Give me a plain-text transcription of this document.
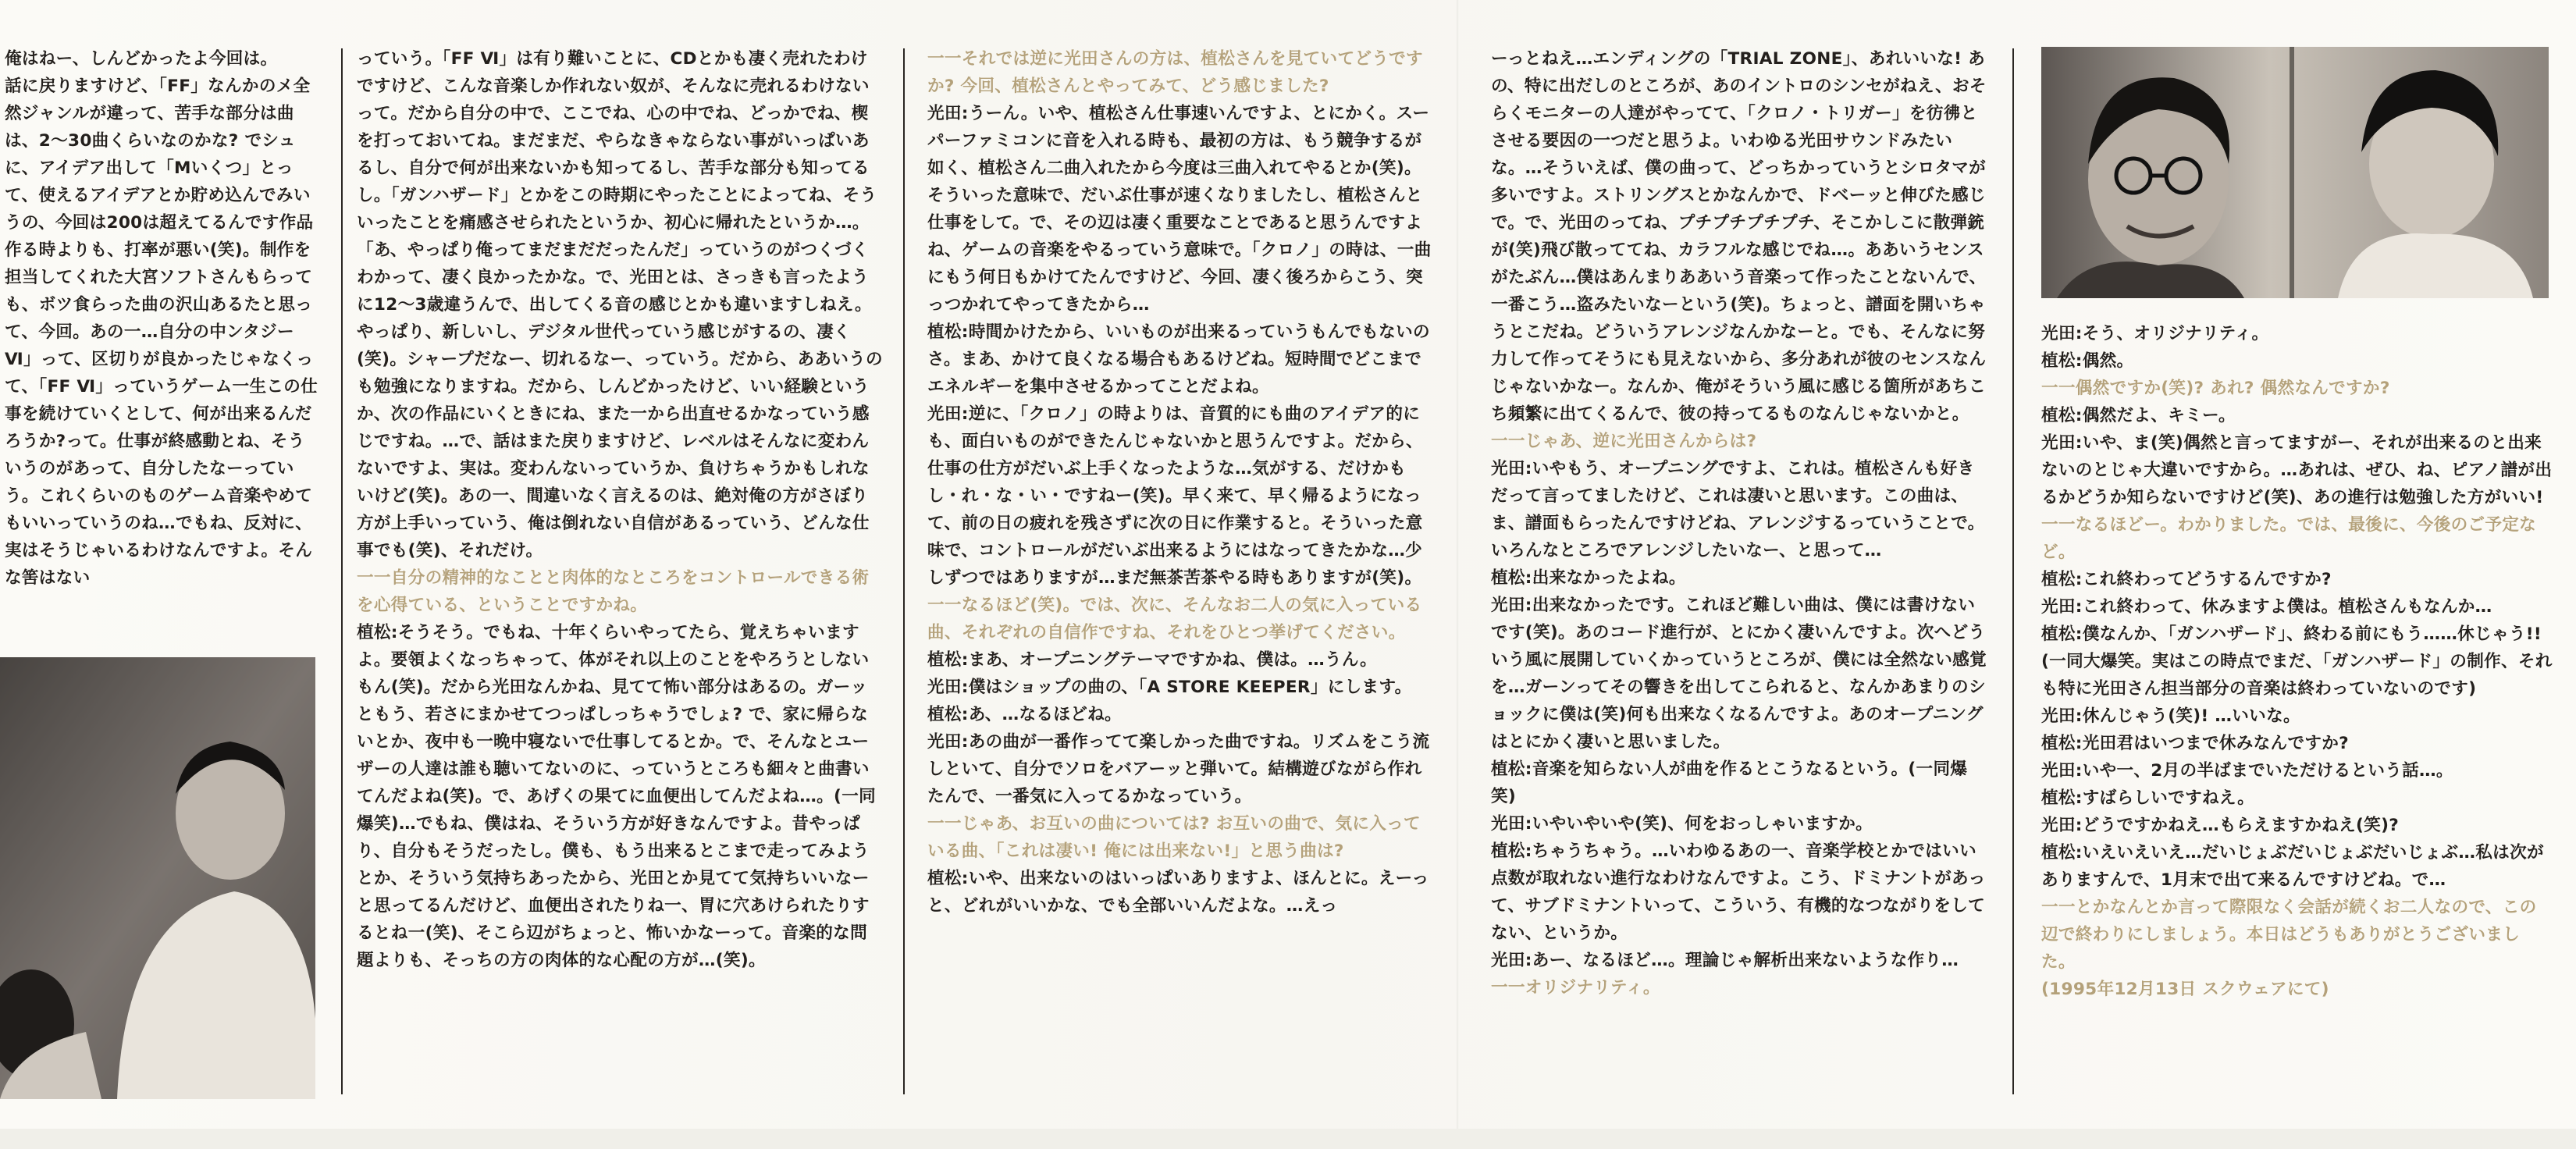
俺はねー、しんどかったよ今回は。

話に戻りますけど、「FF」なんかのメ全然ジャンルが違って、苦手な部分は曲は、2〜30曲くらいなのかな? でシュに、アイデア出して「Mいくつ」とって、使えるアイデアとか貯め込んでみいうの、今回は200は超えてるんです作品作る時よりも、打率が悪い(笑)。制作を担当してくれた大宮ソフトさんもらっても、ボツ食らった曲の沢山あるたと思って、今回。あの一…自分の中ンタジーⅥ」って、区切りが良かったじゃなくって、「FF Ⅵ」っていうゲーム一生この仕事を続けていくとして、何が出来るんだろうか?って。仕事が終感動とね、そういうのがあって、自分したなーっていう。これくらいのものゲーム音楽やめてもいいっていうのね…でもね、反対に、実はそうじゃいるわけなんですよ。そんな筈はない

っていう。「FF Ⅵ」は有り難いことに、CDとかも凄く売れたわけですけど、こんな音楽しか作れない奴が、そんなに売れるわけないって。だから自分の中で、ここでね、心の中でね、どっかでね、楔を打っておいてね。まだまだ、やらなきゃならない事がいっぱいあるし、自分で何が出来ないかも知ってるし、苦手な部分も知ってるし。「ガンハザード」とかをこの時期にやったことによってね、そういったことを痛感させられたというか、初心に帰れたというか…。「あ、やっぱり俺ってまだまだだったんだ」っていうのがつくづくわかって、凄く良かったかな。で、光田とは、さっきも言ったように12〜3歳違うんで、出してくる音の感じとかも違いますしねえ。やっぱり、新しいし、デジタル世代っていう感じがするの、凄く(笑)。シャープだなー、切れるなー、っていう。だから、ああいうのも勉強になりますね。だから、しんどかったけど、いい経験というか、次の作品にいくときにね、また一から出直せるかなっていう感じですね。…で、話はまた戻りますけど、レベルはそんなに変わんないですよ、実は。変わんないっていうか、負けちゃうかもしれないけど(笑)。あの一、間違いなく言えるのは、絶対俺の方がさぼり方が上手いっていう、俺は倒れない自信があるっていう、どんな仕事でも(笑)、それだけ。

一一自分の精神的なことと肉体的なところをコントロールできる術を心得ている、ということですかね。

植松:そうそう。でもね、十年くらいやってたら、覚えちゃいますよ。要領よくなっちゃって、体がそれ以上のことをやろうとしないもん(笑)。だから光田なんかね、見てて怖い部分はあるの。ガーッともう、若さにまかせてつっぱしっちゃうでしょ? で、家に帰らないとか、夜中も一晩中寝ないで仕事してるとか。で、そんなとユーザーの人達は誰も聴いてないのに、っていうところも細々と曲書いてんだよね(笑)。で、あげくの果てに血便出してんだよね…。(一同爆笑)…でもね、僕はね、そういう方が好きなんですよ。昔やっぱり、自分もそうだったし。僕も、もう出来るとこまで走ってみようとか、そういう気持ちあったから、光田とか見てて気持ちいいなーと思ってるんだけど、血便出されたりね一、胃に穴あけられたりするとね一(笑)、そこら辺がちょっと、怖いかなーって。音楽的な問題よりも、そっちの方の肉体的な心配の方が…(笑)。

一一それでは逆に光田さんの方は、植松さんを見ていてどうですか? 今回、植松さんとやってみて、どう感じました?

光田:うーん。いや、植松さん仕事速いんですよ、とにかく。スーパーファミコンに音を入れる時も、最初の方は、もう競争するが如く、植松さん二曲入れたから今度は三曲入れてやるとか(笑)。そういった意味で、だいぶ仕事が速くなりましたし、植松さんと仕事をして。で、その辺は凄く重要なことであると思うんですよね、ゲームの音楽をやるっていう意味で。「クロノ」の時は、一曲にもう何日もかけてたんですけど、今回、凄く後ろからこう、突っつかれてやってきたから…

植松:時間かけたから、いいものが出来るっていうもんでもないのさ。まあ、かけて良くなる場合もあるけどね。短時間でどこまでエネルギーを集中させるかってことだよね。

光田:逆に、「クロノ」の時よりは、音質的にも曲のアイデア的にも、面白いものができたんじゃないかと思うんですよ。だから、仕事の仕方がだいぶ上手くなったような…気がする、だけかもし・れ・な・い・ですねー(笑)。早く来て、早く帰るようになって、前の日の疲れを残さずに次の日に作業すると。そういった意味で、コントロールがだいぶ出来るようにはなってきたかな…少しずつではありますが…まだ無茶苦茶やる時もありますが(笑)。

一一なるほど(笑)。では、次に、そんなお二人の気に入っている曲、それぞれの自信作ですね、それをひとつ挙げてください。

植松:まあ、オープニングテーマですかね、僕は。…うん。

光田:僕はショップの曲の、「A STORE KEEPER」にします。

植松:あ、…なるほどね。

光田:あの曲が一番作ってて楽しかった曲ですね。リズムをこう流しといて、自分でソロをバアーッと弾いて。結構遊びながら作れたんで、一番気に入ってるかなっていう。

一一じゃあ、お互いの曲については? お互いの曲で、気に入っている曲、「これは凄い! 俺には出来ない!」と思う曲は?

植松:いや、出来ないのはいっぱいありますよ、ほんとに。えーっと、どれがいいかな、でも全部いいんだよな。…えっ

ーっとねえ…エンディングの「TRIAL ZONE」、あれいいな! あの、特に出だしのところが、あのイントロのシンセがねえ、おそらくモニターの人達がやってて、「クロノ・トリガー」を彷彿とさせる要因の一つだと思うよ。いわゆる光田サウンドみたいな。…そういえば、僕の曲って、どっちかっていうとシロタマが多いですよ。ストリングスとかなんかで、ドベーッと伸びた感じで。で、光田のってね、プチプチプチプチ、そこかしこに散弾銃が(笑)飛び散っててね、カラフルな感じでね…。ああいうセンスがたぶん…僕はあんまりああいう音楽って作ったことないんで、一番こう…盗みたいなーという(笑)。ちょっと、譜面を開いちゃうとこだね。どういうアレンジなんかなーと。でも、そんなに努力して作ってそうにも見えないから、多分あれが彼のセンスなんじゃないかなー。なんか、俺がそういう風に感じる箇所があちこち頻繁に出てくるんで、彼の持ってるものなんじゃないかと。

一一じゃあ、逆に光田さんからは?

光田:いやもう、オープニングですよ、これは。植松さんも好きだって言ってましたけど、これは凄いと思います。この曲は、ま、譜面もらったんですけどね、アレンジするっていうことで。いろんなところでアレンジしたいなー、と思って…

植松:出来なかったよね。

光田:出来なかったです。これほど難しい曲は、僕には書けないです(笑)。あのコード進行が、とにかく凄いんですよ。次へどういう風に展開していくかっていうところが、僕には全然ない感覚を…ガーンってその響きを出してこられると、なんかあまりのショックに僕は(笑)何も出来なくなるんですよ。あのオープニングはとにかく凄いと思いました。

植松:音楽を知らない人が曲を作るとこうなるという。(一同爆笑)

光田:いやいやいや(笑)、何をおっしゃいますか。

植松:ちゃうちゃう。…いわゆるあの一、音楽学校とかではいい点数が取れない進行なわけなんですよ。こう、ドミナントがあって、サブドミナントいって、こういう、有機的なつながりをしてない、というか。

光田:あー、なるほど…。理論じゃ解析出来ないような作り…

一一オリジナリティ。

光田:そう、オリジナリティ。

植松:偶然。

一一偶然ですか(笑)? あれ? 偶然なんですか?

植松:偶然だよ、キミー。

光田:いや、ま(笑)偶然と言ってますがー、それが出来るのと出来ないのとじゃ大違いですから。…あれは、ぜひ、ね、ピアノ譜が出るかどうか知らないですけど(笑)、あの進行は勉強した方がいい!

一一なるほどー。わかりました。では、最後に、今後のご予定など。

植松:これ終わってどうするんですか?

光田:これ終わって、休みますよ僕は。植松さんもなんか…

植松:僕なんか、「ガンハザード」、終わる前にもう……休じゃう!! (一同大爆笑。実はこの時点でまだ、「ガンハザード」の制作、それも特に光田さん担当部分の音楽は終わっていないのです)

光田:休んじゃう(笑)! …いいな。

植松:光田君はいつまで休みなんですか?

光田:いや一、2月の半ばまでいただけるという話…。

植松:すばらしいですねえ。

光田:どうですかねえ…もらえますかねえ(笑)?

植松:いえいえいえ…だいじょぶだいじょぶだいじょぶ…私は次がありますんで、1月末で出て来るんですけどね。で…

一一とかなんとか言って際限なく会話が続くお二人なので、この辺で終わりにしましょう。本日はどうもありがとうございました。

(1995年12月13日 スクウェアにて)
